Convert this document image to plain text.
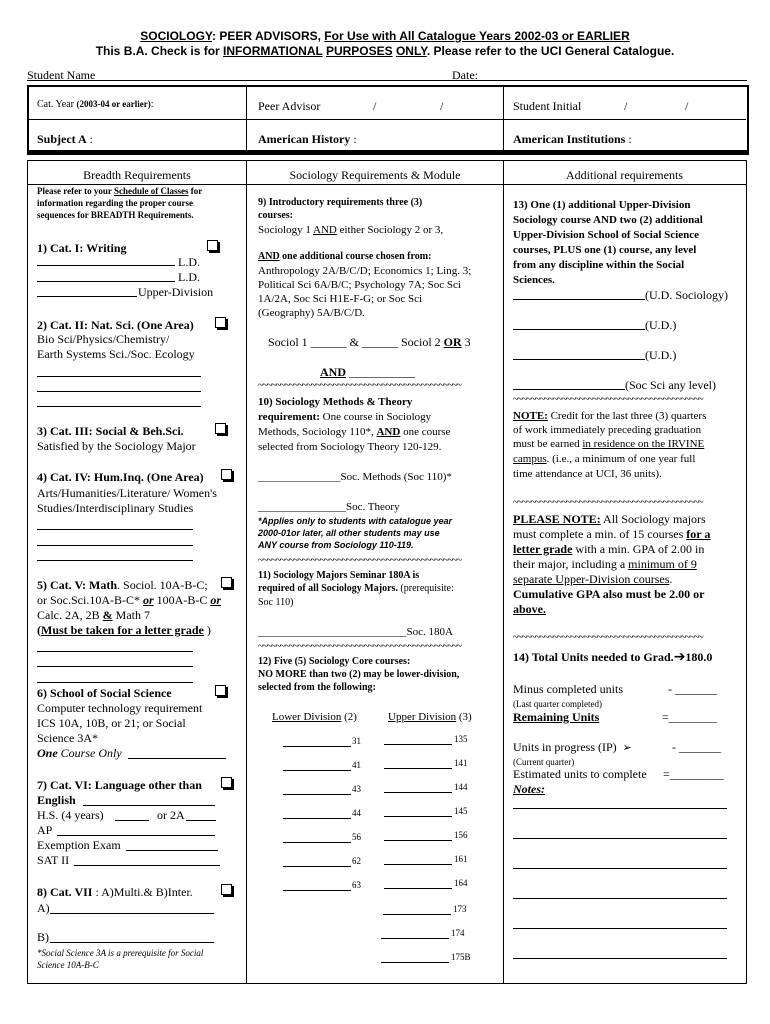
SOCIOLOGY: PEER ADVISORS, For Use with All Catalogue Years 2002-03 or EARLIER
This B.A. Check is for INFORMATIONAL PURPOSES ONLY. Please refer to the UCI General Catalogue.
Student Name	Date:
Cat. Year (2003-04 or earlier):	Peer Advisor	/	/	Student Initial	/	/
Subject A :	American History :	American Institutions :
Breadth Requirements	Sociology Requirements & Module	Additional requirements
Please refer to your Schedule of Classes for
information regarding the proper course
sequences for BREADTH Requirements.
1) Cat. I: Writing
L.D.
L.D.
Upper-Division
2) Cat. II: Nat. Sci. (One Area)
Bio Sci/Physics/Chemistry/
Earth Systems Sci./Soc. Ecology
3) Cat. III: Social & Beh.Sci.
Satisfied by the Sociology Major
4) Cat. IV: Hum.Inq. (One Area)
Arts/Humanities/Literature/ Women's
Studies/Interdisciplinary Studies
5) Cat. V: Math. Sociol. 10A-B-C;
or Soc.Sci.10A-B-C* or 100A-B-C or
Calc. 2A, 2B & Math 7
(Must be taken for a letter grade )
6) School of Social Science
Computer technology requirement
ICS 10A, 10B, or 21; or Social
Science 3A*
One Course Only
7) Cat. VI: Language other than
English
H.S. (4 years)	or 2A
AP
Exemption Exam
SAT II
8) Cat. VII : A)Multi.& B)Inter.
A)
B)
*Social Science 3A is a prerequisite for Social
Science 10A-B-C
9) Introductory requirements three (3)
courses:
Sociology 1 AND either Sociology 2 or 3,
AND one additional course chosen from:
Anthropology 2A/B/C/D; Economics 1; Ling. 3;
Political Sci 6A/B/C; Psychology 7A; Soc Sci
1A/2A, Soc Sci H1E-F-G; or Soc Sci
(Geography) 5A/B/C/D.
Sociol 1 ______ & ______ Sociol 2 OR 3
AND ___________
~~~~~~~~~~~~~~~~~~~~~~~~~~~~~~~~~~~~~~~~~~~~~~
10) Sociology Methods & Theory
requirement: One course in Sociology
Methods, Sociology 110*, AND one course
selected from Sociology Theory 120-129.
_______________Soc. Methods (Soc 110)*
________________Soc. Theory
*Applies only to students with catalogue year
2000-01or later, all other students may use
ANY course from Sociology 110-119.
~~~~~~~~~~~~~~~~~~~~~~~~~~~~~~~~~~~~~~~~~~~~~~
11) Sociology Majors Seminar 180A is
required of all Sociology Majors. (prerequisite:
Soc 110)
___________________________Soc. 180A
~~~~~~~~~~~~~~~~~~~~~~~~~~~~~~~~~~~~~~~~~~~~~~
12) Five (5) Sociology Core courses:
NO MORE than two (2) may be lower-division,
selected from the following:
Lower Division (2)	Upper Division (3)
31
41
43
44
56
62
63
135
141
144
145
156
161
164
173
174
175B
13) One (1) additional Upper-Division
Sociology course AND two (2) additional
Upper-Division School of Social Science
courses, PLUS one (1) course, any level
from any discipline within the Social
Sciences.
(U.D. Sociology)
(U.D.)
(U.D.)
(Soc Sci any level)
~~~~~~~~~~~~~~~~~~~~~~~~~~~~~~~~~~~~~~~~~~~
NOTE: Credit for the last three (3) quarters
of work immediately preceding graduation
must be earned in residence on the IRVINE
campus. (i.e., a minimum of one year full
time attendance at UCI, 36 units).
~~~~~~~~~~~~~~~~~~~~~~~~~~~~~~~~~~~~~~~~~~~
PLEASE NOTE: All Sociology majors
must complete a min. of 15 courses for a
letter grade with a min. GPA of 2.00 in
their major, including a minimum of 9
separate Upper-Division courses.
Cumulative GPA also must be 2.00 or
above.
~~~~~~~~~~~~~~~~~~~~~~~~~~~~~~~~~~~~~~~~~~~
14) Total Units needed to Grad.➔180.0
Minus completed units	- _______
(Last quarter completed)
Remaining Units	=________
Units in progress (IP) ➢	- _______
(Current quarter)
Estimated units to complete =_________
Notes:
